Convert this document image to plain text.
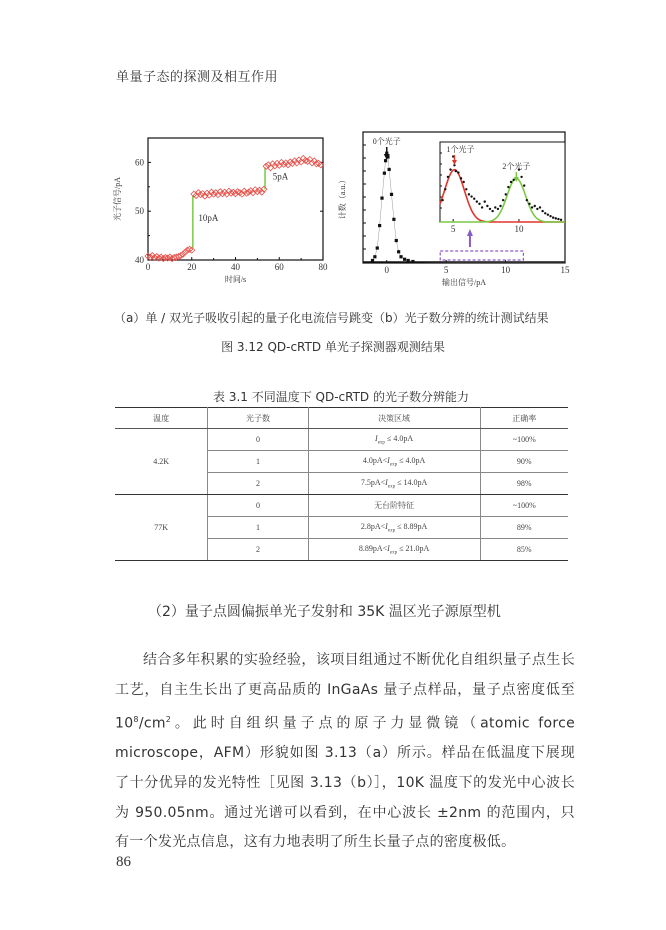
单量子态的探测及相互作用
0	20	40	60	80
40
50
60
时间/s
光子信号/pA	10pA
5pA
0	5	10	15
输出信号/pA
计数（a.u.）
0个光子
5	10
1个光子
2个光子
（a）单 / 双光子吸收引起的量子化电流信号跳变（b）光子数分辨的统计测试结果
图 3.12 QD-cRTD 单光子探测器观测结果
表 3.1 不同温度下 QD-cRTD 的光子数分辨能力
温度	光子数	决策区域	正确率
4.2K	0	$I_{exp} \le 4.0pA$	~100%
	1	$4.0pA<I_{exp} \le 4.0pA$	90%
	2	$7.5pA<I_{exp} \le 14.0pA$	98%
77K	0	无台阶特征	~100%
	1	$2.8pA<I_{exp} \le 8.89pA$	89%
	2	$8.89pA<I_{exp} \le 21.0pA$	85%
（2）量子点圆偏振单光子发射和 35K 温区光子源原型机
结合多年积累的实验经验，该项目组通过不断优化自组织量子点生长工艺，自主生长出了更高品质的 InGaAs 量子点样品，量子点密度低至 $10^8/cm^2$。此时自组织量子点的原子力显微镜（atomic force microscope，AFM）形貌如图 3.13（a）所示。样品在低温度下展现了十分优异的发光特性［见图 3.13（b）］，10K 温度下的发光中心波长为 950.05nm。通过光谱可以看到，在中心波长 ±2nm 的范围内，只有一个发光点信息，这有力地表明了所生长量子点的密度极低。
86
